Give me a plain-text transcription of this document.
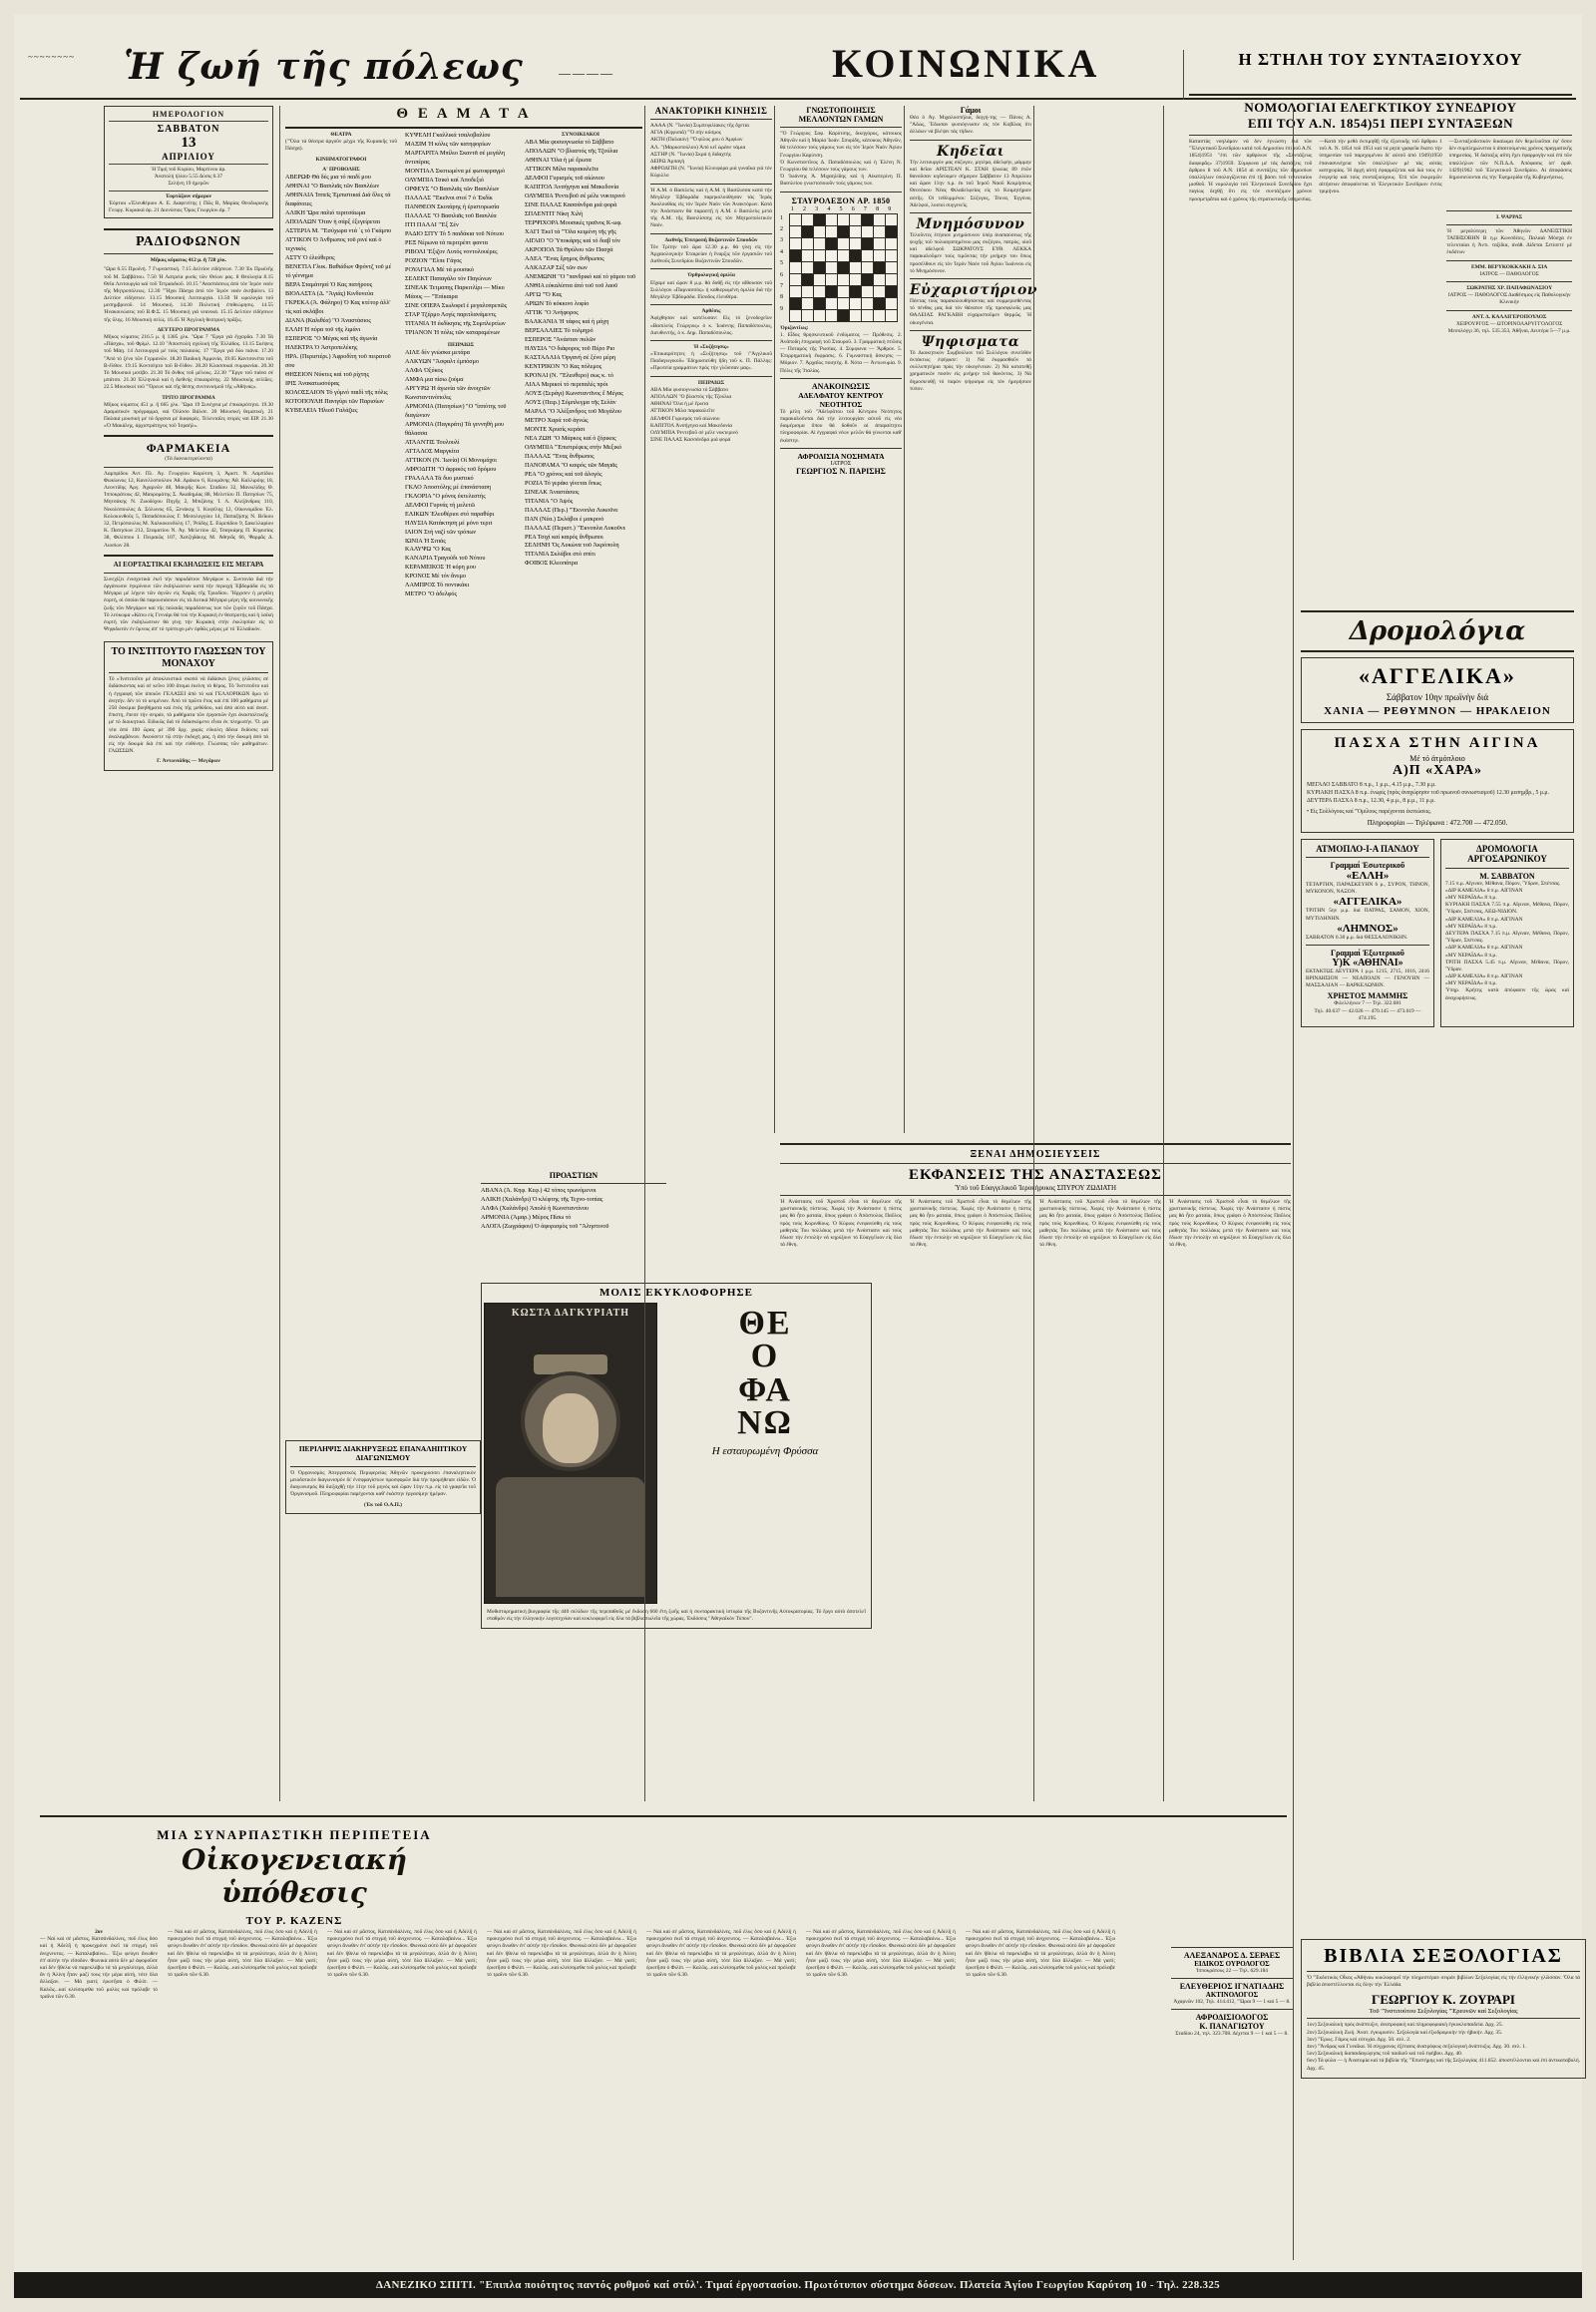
~~~~~~~~ Ἡ ζωή τῆς πόλεως	————	ΚΟΙΝΩΝΙΚΑ	Η ΣΤΗΛΗ ΤΟΥ ΣΥΝΤΑΞΙΟΥΧΟΥ
ΗΜΕΡΟΛΟΓΙΟΝ
ΣΑΒΒΑΤΟΝ
13
ΑΠΡΙΛΙΟΥ
Ἡ Τιμή τοῦ Κυρίου, Μαρτίνου ἀρ.
Ἀνατολή ἡλίου 5.55 Δύσις 6.37
Σελήνη 19 ἡμερῶν
Ἑορτάζουν σήμερον
Ἑόρτιοι «Ἐλευθέριου Α. Ε. Διαφενίτης ( Πῶς Β, Μαρίας Θεοδωρικής Γεωργ. Κυριακά ἀρ. 21 Διονύσιος Ὅρος Γεωργίου ἀρ. 7
ΡΑΔΙΟΦΩΝΟΝ
Μῆκος κύματος 412 μ. ἢ 728 χλκ.
"Ωρα 6.55 Πρωϊνή. 7 Γυμναστική. 7.15 Δελτίον εἰδήσεων. 7.30 Ἐκ Πρωϊνῆς τοῦ Μ. Σαββάτου. 7.50 Ἡ Λατρεία ρυσίς τῶν Θείων ρας. 8 Θεολογία 8.15 Θεῖα Λειτουργία καί τοῦ Τετραοδιοῦ. 10.15 "Αναστάσεως ἀπό τόν Ἱερόν ναόν τῆς Μητροπόλεως. 12.30 "Ἤχοι Πάσχα ἀπό τόν Ἱερόν ναόν ἀνεβαίνει. 13 Δελτίον εἰδήσεων. 13.15 Μουσική Λειτουργία. 13.50 Ἡ ωρολογία τοῦ μεσημβρινοῦ. 14 Μουσική. 14.30 Πολυτική ἐπιθεώρησις. 14.55 Ἠνακοινώσεις τοῦ Β.Φ.Σ. 15 Μουσική γιά νεανικά. 15.15 Δελτίον εἰδήσεων τῆς ὕλης. 16 Μουσική σελίς. 16.45 Ἡ Ἀγγλικὴ θεατρική πρᾶξις.
ΔΕΥΤΕΡΟ ΠΡΟΓΡΑΜΜΑ
Μῆκος κύματος 216.5 μ. ἢ 1385 χλκ. "Ωρα 7 "Εργα γιά ἔγχορδα. 7.30 Τά «Πάσχα», τοῦ Φρίμλ. 12.10 "Αποστολή σχολική τῆς Ἑλλάδος. 13.15 Σκέψεις τοῦ Μάῃ. 14 Λειτουργιά μέ τούς παλαιούς. 17 "Ἐργα γιά δύο πιάνα. 17.20 "Ἀπό τό ξένο τῶν Γερμανῶν. 18.20 Παιδικὴ Ἀρμονία, 19.05 Καντσονέτα τοῦ Β-ἔλθον. 19.15 Κοντσέρτο τοῦ Β-ἔλθον. 20.20 Κλασσικαί συμφωνίαι. 20.30 Τό Μουσικό μοτίβο. 21.30 Τό ἄνθος τοῦ μέλους. 22.30 "Ἔργο τοῦ πιάνα σέ μπάτσο. 21.30 Ἑλληνικά καί ἡ διεθνής ἐπικαιρότης. 22 Μουσικὴς σελίδες. 22.5 Μουσικοί τοῦ "Ὅρεων καί τῆς θέσης συντονισμοῦ τῆς «Ἀθήνας».
ΤΡΙΤΟ ΠΡΟΓΡΑΜΜΑ
Μῆκος κύματος 451 μ. ἢ 665 χλκ. "Ωρα 19 Συνέχεια μέ ἐπικαιρότητα. 19.30 Δραματικόν πρόγραμμα, ναί Ὁλίσσο Βάλσε. 20 Μουσικὴ θεματική. 21 Παλαιά μουσική μέ τά ὄργανα μέ διαφορές. Τελευταῖες σειρές ναί ΕΙΡ. 21.30 «Ὁ Μακάλης, ἀρχιστράτηγος τοῦ Ἰσραήλ».
ΦΑΡΜΑΚΕΙΑ
(Τά διανυκτερεύοντα)
Λαμπρίδου Ἀντ. Πλ. Ἁγ. Γεωργίου Καρύτση 3, Ἀριστ. Ν. Λαμπίδου Φωκίωνος 12, Κανελλοπούλου Ἀθ. Δράκου 6, Κουμάνης Ἀθ. Καλλιρόης 18, Λεοντίδης Ἀργ. Ἀχαρνῶν 48, Μακρῆς Κων. Σταδίου 32, Μανωλίδης Θ. Ἱπποκράτους 42, Μαυρομάτης Σ. Ἀκαδημίας 88, Μελετίου Π. Πατησίων 75, Μητσάκης Ν. Ζωοδόχου Πηγῆς 2, Μπιζάνης Ἰ. Λ. Ἀλεξάνδρας 110, Νικολόπουλος Δ. Σόλωνος 65, Ξενάκης Ἰ. Κυψέλης 12, Οἰκονομίδου Ἑλ. Κολοκυνθοῦς 5, Παπαδόπουλος Γ. Μεσολογγίου 14, Παπαζήσης Ν. Βεΐκου 32, Πετρόπουλος Μ. Χαλκοκονδύλη 17, Ῥοϊδης Σ. Εὐριπίδου 9, Σακελλαρίου Κ. Πατησίων 212, Σταματίου Ν. Ἀγ. Μελετίου 42, Τσαγκάρης Π. Κηφισίας 38, Φιλίππου Ι. Πειραιῶς 107, Χατζηδάκης Μ. Ἀθηνᾶς 66, Ψαρρᾶς Δ. Λιοσίων 28.
ΑΙ ΕΟΡΤΑΣΤΙΚΑΙ ΕΚΔΗΛΩΣΕΙΣ ΕΙΣ ΜΕΓΑΡΑ
Συνεχίζει ἐνισχυτικὰ ἐκεῖ τήν παρυδάτιον Μεγάρων κ. Συντονία διά τήν ὀργάνωσιν ἐγκρίνουν τῶν ἐκδηλώσεων κατά τήν περιοχή Ἑβδομάδα εἰς τά Μέγαρα μέ λήγειν τῶν ἀγνῶν εἰς Χαρᾶς τῆς Τριοδίου. Ἤρχισεν ἡ μεγάλη ἑορτή, οἱ ὁποίαι θά παρουσιάσουν εἰς τά Δυτικά Μέγαρα μέρη τῆς κοινωνικῆς ζωῆς τῶν Μεγάρων καί τῆς παλαιᾶς παραδόσεως των τῶν ζυγῶν τοῦ Πάσχα. Τό λεύκωμα «Κάτω εἰς Γεννάρι θά τού τήν Κυριακὴ ἐν θεατροτής καί ἡ λαϊκή ἑορτὴ τῶν ἐκδηλώσεων θά γίνῃ τήν Κυριακὴ στήν ἐκκλησίαν εἰς τό Ψηφιδωτόν ἐν ὕμνοις ἀπ' τό τρίπτυχο μέν ὀρθῶς μέρος μέ τό Ἑλλαδικόν.
ΤΟ ΙΝΣΤΙΤΟΥΤΟ ΓΛΩΣΣΩΝ ΤΟΥ ΜΟΝΑΧΟΥ
Τό «Ἰνστιτοῦτο μέ ἀποκλειστικό σκοπό νά διδάσκει ξένες γλῶσσες σέ διδάσκοντας καί σέ κεῖνο 100 ἄτομα ἐκείνη τό θέρος. Τό Ἰνστιτοῦτο καί ἡ ἐγγραφή τῶν ἀποιῶν ΓΕΛΑΣΕΙ ἀπό τό καί ΓΕΛΛΟΡΙΚΩΝ ὄμω τό ἀνητὴν. δέν τό τό κειμένων. Ἀπό τό πρῶτο ἔτος καί ἐπί 100 μαθήματα μέ 250 δοκίμια βοηθήματα καί ἑνός τῆς μεθόδου, καί ἀπό αὐτό καί ἀναπ. ἔπιστη, ἔπεσε τήν σειράν, τά μαθήματα τῶν ἐργασιῶν ἔχει ἀνασταλτικῆς μέ τό διοικητικό. Εἰδικῶς διά τό διδασκόμενο εἶναι ἐκ πληρωτήν. Ὅ. μα νέα ἀπό 100 ὥρας μέ 390 δρχ. χωρίς εὔκολη ἄδεια ἔκδοσις καί ἀναλαμβάνων. Ἀκούσετε τῷ στήν ἐκδοχὴ ρας, ἡ ἀπό τήν δοκιμή ἀπό τά εἰς τήν δοκιμὰ διὰ ἐπί καί τήν εὐθύνην. Γλώσσας τῶν μαθημάτων. ΓΛΩΣΣΩΝ.
Γ. Ἀντωνιάδης — Μεγάρων
Θ Ε Α Μ Α Τ Α
ΘΕΑΤΡΑ
("Ὅλα τά θέατρα ἀργοῦν μέχρι τῆς Κυριακῆς τοῦ Πάσχα).
ΚΙΝΗΜΑΤΟΓΡΑΦΟΙ
Α' ΠΡΟΒΟΛΗΣ
ΑΒΕΡΩΦ Θά δές μια τό παιδί μου
ΑΘΗΝΑΙ "Ο Βασιλιᾶς τῶν Βασιλέων
ΑΘΗΝΑΙΑ Ἱππεῖς Ἐμπιστικαί Διά ὅλες τά διαφάνειες
ΑΛΙΚΗ Ὥρα παλιό τεριτσάωμα
ΑΠΟΛΛΩΝ Ὅταν ἡ σάρξ ἐξεγείρεται
ΑΣΤΕΡΙΑ Μ. "Ἐσύχωρα ντά ᾽ς τό Γκάμπο
ΑΤΤΙΚΟΝ Ὁ Ἀνθρωπος τοῦ ρινέ καί ὁ τεχνικός
ΑΣΤΥ Ὁ ἐλεύθερος
ΒΕΝΕΤΙΑ Γλυκ. Βαθιάδων Φρόντζ τοῦ μέ τό γέννημα
ΒΕΡΑ Σταμάτησέ Ὁ Κας πατήρους
ΒΙΟΛΑΣΤΑ (Δ. "Ἁγιάς) Κινδυνεύα
ΓΚΡΕΚΑ (Ἀ. Φάληρο) Ὁ Κας κτέτορ ἀλλ' τίς καί σκλάβοι
ΔΙΑΝΑ (Καλιθέα) "Ο Ἀναστάσιος
ΕΛΛΗ Ἡ πύρα τοῦ τῆς λιμάνι
ΕΣΠΕΡΟΣ "Ο Μέγας καί τῆς ἀγωνία
ΗΛΕΚΤΡΑ Ὁ Ἀστροπελέκης
ΗΡΑ. (Περιστέρι.) Ἀφροδίτη τοῦ πειρατοῦ σου
ΘΗΣΕΙΟΝ Νύκτες καί τοῦ ρίχτης
ΙΡΙΣ Ἀνακατωσούρας
ΚΟΛΟΣΣΑΙΟΝ Τό γύμνό παιδί τῆς πόλις
ΚΟΤΟΠΟΥΛΗ Πανιγύρι τῶν Παρισίων
ΚΥΒΕΛΕΙΑ Ἡλιοῦ Γαλάζιες
ΚΥΨΕΛΗ Γκαλλικά τσαλοβαλίου
ΜΑΞΙΜ Ἡ κόλις τῶν κατηφορίων
ΜΑΡΓΑΡΙΤΑ Μπίλιο Σκαντᾶ σέ μεγάλη ἀντιπέρας
ΜΟΝΤΙΑΛ Σκοτωμένα μέ φωτοφραγμό
ΟΛΥΜΠΙΑ Τσικό καί Ἀποδεξιό
ΟΡΦΕΥΣ "Ο Βασιλιᾶς τῶν Βασιλέων
ΠΑΛΛΑΣ "Ἐκεῖνοι στοί 7 ὁ Ἐκδίκ
ΠΑΝΘΕΟΝ Σκοτάρης ἡ ἐριστορωσία
ΠΑΛΛΑΣ "Ο Βασιλιᾶς τοῦ Βασιλέα
ΠΤΙ ΠΑΛΑΙ "Ἐξ Σέν
ΡΑΔΙΟ ΣΙΤΥ Τό 5 παιδάκια τοῦ Νότιου
ΡΕΞ Νέρωνα τά περιτρέπτ φαντα
ΡΙΒΟΛΙ Ἔξιζον Λυτός νοντολουέρες
ΡΟΖΙΟΝ "Ἐλπε Γάγος
ΡΟΥΑΓΙΑΛ Μέ τά μουσικό
ΣΕΛΕΚΤ Παπαγάλο τόν Παγώνων
ΣΙΝΕΑΚ Τετμαπης Παρκιτλίρι — Μίκυ Μάους — "Ἐπίκαιρα
ΣΙΝΕ ΟΠΕΡΑ Σιωλοφεῖ ἐ μεγαλοπρεπῶς
ΣΤΑΡ Τζέρμο Λογίς παριτλανάμεντς
ΤΙΤΑΝΙΑ Ἡ ἐκδίκησις τῆς Συμπλερτίων
ΤΡΙΑΝΟΝ Ἡ πόλις τῶν καταραμένων
ΠΕΙΡΑΙΩΣ
ΑΙΛΕ δέν γνώσκα μετάρα
ΑΛΚΥΩΝ "Ἀσφαλτ ἐμπόσμο
ΑΛΦΑ Ὁξύκος
ΑΜΦΑ μια πίσω ζούμα
ΑΡΓΥΡΩ Ἡ ἀγωνία τῶν ἀνοιχτῶν Κωνσταντινόπολις
ΑΡΜΟΝΙΑ (Πατησίων) "Ο "ἱππότης τοῦ διαγώνιον
ΑΡΜΟΝΙΑ (Παγκράτι) Τά γεννηθή μου θάλασσα
ΑΤΛΑΝΤΙΣ Τουλουλί
ΑΤΤΑΛΟΣ Μαργκίτα
ΑΤΤΙΚΟΝ (Ν. Ἰωνία) Οἱ Μονομάχοι
ΑΦΡΟΔΙΤΗ "Ο ἀφρικός τοῦ δρόμου
ΓΡΑΛΑΛΑ Τά δυο μυστικό
ΓΚΛΟ Ἀποστόλης μέ ἐπανάσταση
ΓΚΛΟΡΙΑ "Ο μόνος ἐκτελεστής
ΔΕΛΦΟΙ Γυρνάς τή μελετῶ
ΕΛΙΚΩΝ Ἐλευθέριοι στό παραθύρι
ΗΛΥΣΙΑ Κατάκτηση μέ μόνο τεριτ
ΙΛΙΟΝ Στή ναζί τῶν τρόπων
ΙΩΝΙΑ Ἡ Σιτιάς
ΚΑΛΥΨΩ "Ο Κας
ΚΑΝΑΡΙΑ Τραγούδι τοῦ Νότου
ΚΕΡΑΜΕΙΚΟΣ Ἡ κόρη μου
ΚΡΟΝΟΣ Μέ τόν ἄνεμο
ΛΑΜΠΡΟΣ Τό ποντικάκι
ΜΕΤΡΟ "Ο ἀδελφός
ΣΥΝΟΙΚΙΑΚΟΙ
ΑΒΑ Μία φυσιογνωσία τό Σάββατο
ΑΠΟΛΛΩΝ "Ο βλαστός τῆς Τζούλια
ΑΘΗΝΑΙ Ὅλα ἡ μέ ἔρωτα
ΑΤΤΙΚΟΝ Μίλα παρακαλεῖτε
ΔΕΛΦΟΙ Γυρισμός τοῦ αἰώνιου
ΚΑΠΙΤΟΛ Ἀνσήγηνα καί Μακεδονία
ΟΛΥΜΠΙΑ Ῥεντεβοῦ σέ μέλε νυκτερινό
ΣΙΝΕ ΠΑΛΑΣ Κασσάνδρα μιά φορά
ΣΠΛΕΝΤΙΤ Νίκη Χιλή
ΤΕΡΨΙΧΟΡΑ Μουσικές τραῖνος Κ-ωφ.
ΧΑΓΙ Ἐκεῖ τά "Ὅλα κειμένη τῆς γῆς
ΑΙΓΑΙΟ "Ο Ὑποκάρης καί τό διαβ τόν
ΑΚΡΟΠΟΛ Τά Θρύλου τῶν Πασχά
ΑΛΕΑ "Ἐνας ἔρημος ἄνθρωπος
ΑΛΚΑΖΑΡ Σέξ τῶν σων
ΑΝΕΜΩΝΗ "Ο "πανδρικό καί τό γάμου τοῦ
ΑΝΘΙΑ εὐκαλύπτα ἀπό τοῦ τοῦ λαοῦ
ΑΡΓΩ "Ὅ Κας
ΑΡΙΩΝ Τό κόκκινο λοφίο
ΑΤΤΙΚ "Ο Ἀνήφορος
ΒΑΛΚΑΝΙΑ Ἡ τάφος καί ἡ μάχη
ΒΕΡΣΑΛΛΙΕΣ Τό τολμηρό
ΕΣΠΕΡΟΣ "Ἀνάσταν πυλῶν
ΗΛΥΣΙΑ "Ο διάφορος τοῦ Πέρο Ριο
ΚΑΣΤΑΛΛΙΑ Ὀργανή σέ ξένο μέρη
ΚΕΝΤΡΙΚΟΝ "Ο Κας πόλεμος
ΚΡΟΝΑΙ (Ν. "Ἐλευθερο) σως κ. τό
ΛΙΛΑ Μερικοί τό περιπαλές πρόι
ΛΟΥΞ (Σεράγι) Κωνσταντῖνος ἔ Μέγας
ΛΟΥΣ (Πειρ.) Σύμπλεγμα τῆς Σελὰν
ΜΑΡΑΛ "Ο Ἀλέξανδρος τοῦ Μεγάλου
ΜΕΤΡΟ Χαρά τοῦ ἁγνώς
ΜΟΝΤΕ Χρυσίς κεράσι
ΝΕΑ ΖΩΗ "Ο Μάρκος καί ὁ ζόρικος
ΟΛΥΜΠΙΑ "Ἐπιστρέφεις στήν Μεξικό
ΠΑΛΛΑΣ "Ἐνας ἄνθρωπος
ΠΑΝΟΡΑΜΑ "Ο καιρός τῶν Μαγιᾶς
ΡΕΑ "Ο χρόνος καί τοῦ ἀλογός
ΡΟΖΙΑ Τό γεράκι γίνεται ὅπως
ΣΙΝΕΑΚ Ἀναστάσιος
ΤΙΤΑΝΙΑ "Ο Ἁψός
ΠΑΛΛΑΣ (Περ.) "Ἐκνοπλα Λυκοῦνε
ΠΑΝ (Νέα.) Σκλάβοι ἐ μακρινό
ΠΑΛΛΑΣ (Περιστ.) "Ἐκνοπλα Λυκοῦνε
ΡΕΑ Τσιχί καί καιρός ἄνθρωποι
ΣΕΛΗΝΗ Ὅς Λυκώνα τοῦ Ἀκρόπολη
ΤΙΤΑΝΙΑ Σκλάβοι στό σπίτι
ΦΟΙΒΟΣ Κλεοπάτρα
ΜΟΛΙΣ ΕΚΥΚΛΟΦΟΡΗΣΕ
ΚΩΣΤΑ ΔΑΓΚΥΡΙΑΤΗ	ΘΕ
Ο
ΦΑ
ΝΩ
Η εσταυρωμένη Φρύσσα
Μυθιστορηματικὴ βιογραφία τῆς 440 σελίδων τῆς περιπαθοῦς μέ ἔκδοση 660 ἔτη ζωῆς καί ἡ συνταρακτικὴ ἱστορία τῆς Βυζαντινῆς Αὐτοκρατορίας. Τό ἔργο αὐτὸ ἀποτελεῖ σταθμὸν εἰς τήν ἑλληνικὴν λογοτεχνίαν καί κυκλοφορεῖ εἰς ὅλα τά βιβλιοπωλεῖα τῆς χώρας. Ἐκδόσεις "Ἀθηναϊκὸν Τύπου".
ΑΝΑΚΤΟΡΙΚΗ ΚΙΝΗΣΙΣ
ΑΑΑΑ (Ν. "Ἰωνία) Συμπεφιλίακες τῆς ὄχεται
ΑΓΙΑ (Κηφισιᾶ) "Ὅ σήν κόσμος
ΑΚΤΗ (Παλαιόν) "Ὅ φίλος μου ὁ Ἀμφίων
ΑΛ. "(Μαρκοπούλου) Ἀπό κεῖ ὡράνε νάμια
ΑΣΤΗΡ (Ν. "Ἰωνία) Σκρά ἡ διδαχτής
ΔΕΙΡΩ Ἁρπαγὴ
ΑΦΡΟΔΙΤΗ (Ν. "Ἰωνία) Κλινιφόρα μιά γυναῖκα γιά τόν Κύριλλο
Ἡ Α.Μ. ὁ Βασιλεὺς καί ἡ Α.Μ. ἡ Βασίλισσα κατά τήν Μεγάλην Ἑβδομάδα παρηκολούθησαν τάς Ἱεράς Ἀκολουθίας εἰς τόν Ἱερόν Ναόν τῶν Ἀνακτόρων. Κατά τήν Ἀνάστασιν θά παραστῇ ἡ Α.Μ. ὁ Βασιλεὺς μετά τῆς Α.Μ. τῆς Βασιλίσσης εἰς τόν Μητροπολιτικὸν Ναόν.
Διεθνής Ἐπιτροπή Βυζαντινῶν Σπουδῶν
Τόν Τρίτην τοῦ ὥρα 12.30 μ.μ. θά γίνῃ εἰς τήν Ἀρχαιολογικὴν Ἑταιρείαν ἡ ἔναρξις τῶν ἐργασιῶν τοῦ Διεθνοῦς Συνεδρίου Βυζαντινῶν Σπουδῶν.
Ὀρθρολογική ὁμιλία
Εἴχαμε καί ὥραν 8 μ.μ. θά δοθῇ εἰς τήν αἴθουσαν τοῦ Συλλόγου «Παρνασσὸς» ἡ καθιερωμένη ὁμιλία διά τήν Μεγάλην Ἑβδομάδα. Εἴσοδος ἐλευθέρα.
Ἀρθέσις
Ἀφίχθησαν καί κατέλυσαν: Εἰς τό ξενοδοχεῖον «Βασιλεὺς Γεώργιος» ὁ κ. Ἰωάννης Παπαδόπουλος, Διευθυντής, ὁ κ. Δημ. Παπαδόπουλος.
Ἡ «Συζήτησις»
«Ἐπικαιρότητες ἡ «Συζήτησις» τοῦ \"Ἀγγλικοῦ Παιδαγωγικοῦ» Ἐδημοσιεύθη ἤδη τοῦ κ. Π. Πάλλης: «Πρωτεία γραμμάτων πρός τήν γλῶσσαν μας».
ΠΕΙΡΑΙΩΣ
ΑΒΑ Μία φυσιογνωσία τό Σάββατο
ΑΠΟΛΛΩΝ "Ο βλαστός τῆς Τζούλια
ΑΘΗΝΑΙ Ὅλα ἡ μέ ἔρωτα
ΑΤΤΙΚΟΝ Μίλα παρακαλεῖτε
ΔΕΛΦΟΙ Γυρισμός τοῦ αἰώνιου
ΚΑΠΙΤΟΛ Ἀνσήγηνα καί Μακεδονία
ΟΛΥΜΠΙΑ Ῥεντεβοῦ σέ μέλε νυκτερινό
ΣΙΝΕ ΠΑΛΑΣ Κασσάνδρα μιά φορά
ΓΝΩΣΤΟΠΟΙΗΣΙΣ
ΜΕΛΛΟΝΤΩΝ ΓΑΜΩΝ
"Ὁ Γεώργιος Σοφ. Καρύτσης, δικηγόρος, κάτοικος Ἀθηνῶν καί ἡ Μαρία Ἰωάν. Σπυρίδη, κάτοικος Ἀθηνῶν, θά τελέσουν τούς γάμους των εἰς τόν Ἱερόν Ναόν Ἁγίου Γεωργίου Καρύτση.
Ὁ Κωνσταντῖνος Δ. Παπαδόπουλος καί ἡ Ἑλένη Ν. Γεωργίου θά τελέσουν τούς γάμους των.
Ὁ Ἰωάννης Ἀ. Μιχαηλίδης καί ἡ Αἰκατερίνη Π. Βασιλείου γνωστοποιοῦν τούς γάμους των.
ΣΤΑΥΡΟΛΕΞΟΝ ΑΡ. 1850
1	2	3	4	5	6	7	8	9
1
2
3
4
5
6
7
8
9

Ὁριζοντίως:
1. Εἶδος θρησκευτικοῦ ἐνδύματος — Πρόθεσις. 2. Ἀνάποδη ἐπιγραφὴ τοῦ Σταυροῦ. 3. Γραμματικὴ πτῶσις — Ποταμὸς τῆς Ῥωσίας. 4. Σύμφωνα — Ἄρθρον. 5. Ἐπιρρηματικὴ ἔκφρασις. 6. Γυμναστικὴ ἄσκησις — Μόριον. 7. Ἀρχαῖος ποιητής. 8. Νότα — Ἀντωνυμία. 9. Πόλις τῆς Ἰταλίας.
ΑΝΑΚΟΙΝΩΣΙΣ
ΑΔΕΛΦΑΤΟΥ ΚΕΝΤΡΟΥ ΝΕΟΤΗΤΟΣ
Τό μέλη τοῦ "Ἀδελφάτου τοῦ Κέντρου Νεότητος παρακαλοῦνται διά τήν λειτουργίαν αὐτοῦ εἰς νέα διαμέρισμα ὅπου θά δοθοῦν αἱ ἀπαραίτητοι πληροφορίαι. Αἱ ἐγγραφαὶ νέων μελῶν θά γίνωνται καθ' ἑκάστην.
ΑΦΡΟΔΙΣΙΑ ΝΟΣΗΜΑΤΑ
ΙΑΤΡΟΣ
ΓΕΩΡΓΙΟΣ Ν. ΠΑΡΙΣΗΣ
Γάμοι
Θέα ὁ Ἁγ. Μιχαλοσπήλια, διηγή-της — Πάνος Α. "Ἀδώς, Ἔδωσαν φυσιόγνωσιν εἰς τόν Κοβίλας ὅτι ἀλλάων νά βλέψει τάς τήδων.
Κηδεῖαι
Τήν λειτουργὸν μας σύζυγον, μητέρα, ἀδελφήν, μάμμην καί θεῖαν ΑΡΙΣΤΕΑΝ Κ. ΣΤΑΗ ἡλικίας 89 ἐτῶν θανοῦσαν κηδεύομεν σήμερον Σάββατον 13 Ἀπριλίου καί ὥραν 11ην π.μ. ἐκ τοῦ Ἱεροῦ Ναοῦ Κοιμήσεως Θεοτόκου Νέας Φιλαδελφείας εἰς τό Κοιμητήριον αὐτῆς. Οἱ τεθλιμμένοι: Σύζυγος, Τέκνα, Ἐγγόνα, Ἀδελφοὶ, λοιποὶ συγγενεῖς.
Μνημόσυνον
Τελοῦντες ἐτήσιον μνημόσυνον ὑπέρ ἀναπαύσεως τῆς ψυχῆς τοῦ πολυαγαπημένου μας συζύγου, πατρὸς, υἱοῦ καί ἀδελφοῦ ΣΩΚΡΑΤΟΥΣ ΕΥΘ. ΛΕΚΚΑ παρακαλοῦμεν τούς τιμῶντας τήν μνήμην του ὅπως προσέλθουν εἰς τόν Ἱερόν Ναὸν τοῦ Ἁγίου Ἰωάννου εἰς τό Μνημόσυνον.
Εὐχαριστήριον
Πάντας τούς παρακολουθήσαντας καί συμμερισθέντας τό πένθος μας διά τόν θάνατον τῆς προσφιλοῦς μας ΘΑΛΕΙΑΣ ΡΑΓΚΑΒΗ εὐχαριστοῦμεν θερμῶς. Ἡ οἰκογένεια.
Ψηφισματα
Τό Διοικητικὸν Συμβούλιον τοῦ Συλλόγου συνελθὸν ἐκτάκτως ἐψήφισε: 1) Νά ἐκφρασθοῦν τά συλλυπητήρια πρὸς τήν οἰκογένειαν. 2) Νά κατατεθῇ χρηματικὸν ποσὸν εἰς μνήμην τοῦ θανόντος. 3) Νά δημοσιευθῇ τό παρὸν ψήφισμα εἰς τόν ἡμερήσιον τύπον.
ΞΕΝΑΙ ΔΗΜΟΣΙΕΥΣΕΙΣ
ΕΚΦΑΝΣΕΙΣ ΤΗΣ ΑΝΑΣΤΑΣΕΩΣ
Ὑπὸ τοῦ Εὐαγγελικοῦ Ἱεροκήρυκος ΣΠΥΡΟΥ ΖΩΔΙΑΤΗ
Ἡ Ἀνάστασις τοῦ Χριστοῦ εἶναι τό θεμέλιον τῆς χριστιανικῆς πίστεως. Χωρὶς τήν Ἀνάστασιν ἡ πίστις μας θά ἦτο ματαία, ὅπως γράφει ὁ Ἀπόστολος Παῦλος πρὸς τούς Κορινθίους. Ὁ Κύριος ἐνεφανίσθη εἰς τούς μαθητάς Του πολλάκις μετὰ τήν Ἀνάστασιν καί τούς ἔδωσε τήν ἐντολὴν νά κηρύξουν τό Εὐαγγέλιον εἰς ὅλα τά ἔθνη.
Ἡ Ἀνάστασις τοῦ Χριστοῦ εἶναι τό θεμέλιον τῆς χριστιανικῆς πίστεως. Χωρὶς τήν Ἀνάστασιν ἡ πίστις μας θά ἦτο ματαία, ὅπως γράφει ὁ Ἀπόστολος Παῦλος πρὸς τούς Κορινθίους. Ὁ Κύριος ἐνεφανίσθη εἰς τούς μαθητάς Του πολλάκις μετὰ τήν Ἀνάστασιν καί τούς ἔδωσε τήν ἐντολὴν νά κηρύξουν τό Εὐαγγέλιον εἰς ὅλα τά ἔθνη.
Ἡ Ἀνάστασις τοῦ Χριστοῦ εἶναι τό θεμέλιον τῆς χριστιανικῆς πίστεως. Χωρὶς τήν Ἀνάστασιν ἡ πίστις μας θά ἦτο ματαία, ὅπως γράφει ὁ Ἀπόστολος Παῦλος πρὸς τούς Κορινθίους. Ὁ Κύριος ἐνεφανίσθη εἰς τούς μαθητάς Του πολλάκις μετὰ τήν Ἀνάστασιν καί τούς ἔδωσε τήν ἐντολὴν νά κηρύξουν τό Εὐαγγέλιον εἰς ὅλα τά ἔθνη.
Ἡ Ἀνάστασις τοῦ Χριστοῦ εἶναι τό θεμέλιον τῆς χριστιανικῆς πίστεως. Χωρὶς τήν Ἀνάστασιν ἡ πίστις μας θά ἦτο ματαία, ὅπως γράφει ὁ Ἀπόστολος Παῦλος πρὸς τούς Κορινθίους. Ὁ Κύριος ἐνεφανίσθη εἰς τούς μαθητάς Του πολλάκις μετὰ τήν Ἀνάστασιν καί τούς ἔδωσε τήν ἐντολὴν νά κηρύξουν τό Εὐαγγέλιον εἰς ὅλα τά ἔθνη.
ΝΟΜΟΛΟΓΙΑΙ ΕΛΕΓΚΤΙΚΟΥ ΣΥΝΕΔΡΙΟΥ
ΕΠΙ ΤΟΥ Α.Ν. 1854)51 ΠΕΡΙ ΣΥΝΤΑΞΕΩΝ
Καταστὰς νοηλάμον νά δεν ἐγνώστη διά τῶν "Ἐλεγκτικοῦ Συνεδρίου κατά τοῦ Δημοσίου ἐπὶ τοῦ Α.Ν. 1854)1951 "ἐπὶ τῶν ἀρθρίνων τῆς «Συντάξεως διαφορᾶς» 37)1959. Σύμφωνα μὲ τάς διατάξεις τοῦ ἄρθρου 8 τοῦ Α.Ν. 1854 αἱ συντάξεις τῶν δημοσίων ὑπαλλήλων ὑπολογίζονται ἐπὶ τῇ βάσει τοῦ τελευταίου μισθοῦ. Ἡ νομολογία τοῦ Ἐλεγκτικοῦ Συνεδρίου ἔχει παγίως δεχθῇ ὅτι εἰς τόν συντάξιμον χρόνον προσμετρᾶται καί ὁ χρόνος τῆς στρατιωτικῆς ὑπηρεσίας.
—Κατὰ τήν μεθὸ ἐκτιμηθῇ τῆς ἐξωτικῆς τοῦ ἄρθρου 1 τοῦ Α. Ν. 1854 τοῦ 1951 καί τά ρητὰ γραφεῖα ἕκατο τήν ὑπηρεσίαν τοῦ παρεχομένου δι' αὐτοῦ ἀπό 1949)1950 ἐπανασυνέχεια τῶν ὑπαλλήλων μὲ τάς αὐτὰς κατηγορίας. Ἡ ἀρχὴ αὐτὴ ἐφαρμόζεται καί διά τούς ἐν ἐνεργείᾳ καί τούς συνταξιούχους. Ἐπὶ τῶν ἐκκρεμῶν αἰτήσεων ἀποφαίνεται τό Ἐλεγκτικὸν Συνέδριον ἐντὸς τριμήνου.
—Συνταξιοδοτικὸν δικαίωμα δέν θεμελιοῦται ἐφ' ὅσον δέν συμπληρώνεται ὁ ἀπαιτούμενος χρόνος πραγματικῆς ὑπηρεσίας. Ἡ διάταξις αὕτη ἔχει ἐφαρμογὴν καί ἐπὶ τῶν ὑπαλλήλων τῶν Ν.Π.Δ.Δ. Ἀπόφασις ὑπ' ἀριθ. 1429)1962 τοῦ Ἐλεγκτικοῦ Συνεδρίου. Αἱ ἀποφάσεις δημοσιεύονται εἰς τήν Ἐφημερίδα τῆς Κυβερνήσεως.
Ι. ΨΑΡΡΑΣ
Ἡ μεγαλύτερη τῶν Ἀθηνῶν ΔΑΝΕΙΣΤΙΚΗ ΤΑΠΗΣΟΒΗΝ Β η.μ Κωνσδίτες, Παλαιά Μόσχα ἐν τελευταίαι ἡ Ἀντι. ταξίδια, ἀνάθ. Δίδεται Σετίσετέ μὲ ἐκδότων
ΕΜΜ. ΒΕΡΥΚΟΚΚΑΚΗ Δ. ΣΙΑ
ΙΑΤΡΟΣ — ΠΑΘΟΛΟΓΟΣ
ΣΩΚΡΑΤΗΣ ΧΡ. ΠΑΠΑΦΩΝΑΣΙΟΥ
ΙΑΤΡΟΣ — ΠΑΘΟΛΟΓΟΣ Διαθέσιμος εἰς Παθολογικὴν Κλινικὴν
ΑΝΤ. Δ. ΚΑΛΛΙΓΕΡΟΠΟΥΛΟΣ
ΧΕΙΡΟΥΡΓΟΣ — ΩΤΟΡΙΝΟΛΑΡΥΓΓΟΛΟΓΟΣ Μεσολόγγι 36, τηλ. 535.353, Ἀθῆναι, Δευτέρα 5—7 μ.μ.
Δρομολόγια
«ΑΓΓΕΛΙΚΑ»
Σάββατον 10ην πρωϊνὴν διά
ΧΑΝΙΑ — ΡΕΘΥΜΝΟΝ — ΗΡΑΚΛΕΙΟΝ
ΠΑΣΧΑ ΣΤΗΝ ΑΙΓΙΝΑ
Μέ τό ἀτμόπλοιο
Α)Π «ΧΑΡΑ»
ΜΕΓΑΛΟ ΣΑΒΒΑΤΟ 8 π.μ., 1 μ.μ., 4.15 μ.μ., 7.30 μ.μ.
ΚΥΡΙΑΚΗ ΠΑΣΧΑ 8 π.μ. ἐνωρίς (πρὸς ἀναχώρησιν τοῦ πρωινοῦ συνωστισμοῦ) 12.30 μεσημβρ., 5 μ.μ.
ΔΕΥΤΕΡΑ ΠΑΣΧΑ 8 π.μ., 12.30, 4 μ.μ., 8 μ.μ., 11 μ.μ.
• Εἰς Συλλόγους καί "Ὁμίλους παρέχονται ἐκπτώσεις.
Πληροφορίαι — Τηλέφωνα : 472.700 — 472.050.
ΑΤΜΟΠΛΟ-Ι-Α ΠΑΝΔΟΥ
Γραμμαί Ἐσωτερικοῦ
«ΕΛΛΗ»
ΤΕΤΑΡΤΗΝ, ΠΑΡΑΣΚΕΥΗΝ 6 μ., ΣΥΡΟΝ, ΤΗΝΟΝ, ΜΥΚΟΝΟΝ, ΝΑΞΟΝ.
«ΑΓΓΕΛΙΚΑ»
ΤΡΙΤΗΝ 5ην μ.μ. διά ΠΑΤΡΑΣ, ΣΑΜΟΝ, ΧΙΟΝ, ΜΥΤΙΛΗΝΗΝ.
«ΛΗΜΝΟΣ»
ΣΑΒΒΑΤΟΝ 6.30 μ.μ. διά ΘΕΣΣΑΛΟΝΙΚΗΝ.
Γραμμαί Ἐξωτερικοῦ
Υ)Κ «ΑΘΗΝΑΙ»
ΕΚΤΑΚΤΩΣ ΔΕΥΤΕΡΑ 1 μ.μ. 1215, 2715, 1016, 2416 ΒΡΙΝΔΗΣΙΟΝ — ΝΕΑΠΟΛΙΝ — ΓΕΝΟΥΗΝ — ΜΑΣΣΑΛΙΑΝ — ΒΑΡΚΕΛΩΝΗΝ.
ΧΡΗΣΤΟΣ ΜΑΜΜΗΣ
Φιλελλήνων 7 — Τηλ. 322.681
Τηλ. 40.637 — 42.026 — 470.145 — 473.019 — 474.195.
ΔΡΟΜΟΛΟΓΙΑ ΑΡΓΟΣΑΡΩΝΙΚΟΥ
Μ. ΣΑΒΒΑΤΟΝ
7.15 π.μ. Αἴγιναν, Μέθανα, Πόρον, Ὕδραν, Σπέτσας.
«ΔΙΡ ΚΑΜΕΛΙΑ» 8 π.μ. ΑΙΓΙΝΑΝ
«ΜΥ ΝΕΡΑΪΔΑ» 8 π.μ.
ΚΥΡΙΑΚΗ ΠΑΣΧΑ 7.55 π.μ. Αἴγιναν, Μέθανα, Πόρον, Ὕδραν, Σπέτσας, ΛΕΩ-ΝΙΔΙΟΝ.
«ΔΙΡ ΚΑΜΕΛΙΑ» 8 π.μ. ΑΙΓΙΝΑΝ
«ΜΥ ΝΕΡΑΪΔΑ» 8 π.μ.
ΔΕΥΤΕΡΑ ΠΑΣΧΑ 7.15 π.μ. Αἴγιναν, Μέθανα, Πόρον, Ὕδραν, Σπέτσας.
«ΔΙΡ ΚΑΜΕΛΙΑ» 8 π.μ. ΑΙΓΙΝΑΝ
«ΜΥ ΝΕΡΑΪΔΑ» 8 π.μ.
ΤΡΙΤΗ ΠΑΣΧΑ 5.45 π.μ. Αἴγιναν, Μέθανα, Πόρον, Ὕδραν.
«ΔΙΡ ΚΑΜΕΛΙΑ» 8 π.μ. ΑΙΓΙΝΑΝ
«ΜΥ ΝΕΡΑΪΔΑ» 8 π.μ.
Ὑπηρ. Κρήτης κατὰ ἀπόφασιν τῆς ὥρας καί ἀναχωρήσεως.
ΒΙΒΛΙΑ ΣΕΞΟΛΟΓΙΑΣ
Ὅ "Ἐκδοτικὸς Οἶκος «Ἀθήνα» κυκλοφορεῖ τήν πληρεστέραν σειράν βιβλίων Σεξολογίας εἰς τήν ἑλληνικὴν γλῶσσαν. Ὅλα τά βιβλία ἀποστέλλονται εἰς ὅλην τήν Ἑλλάδα.
ΓΕΩΡΓΙΟΥ Κ. ΖΟΥΡΑΡΙ
Τοῦ "Ἰνστιτούτου Σεξολογίας "Ἐρευνῶν καί Σεξολογίας
1ον) Σεξουαλικὴ πρὸς ἀνάπτυξιν, ἀνατροφικὴ καί πληροφοριακὴ ἐγκυκλοπαιδεία. Δρχ. 25.
2ον) Σεξουαλικὴ Ζωή. Ἀνατ. ἐγκυμοσύν. Σεξολογία καί ἐξωδρομικὴν τήν ἡβικήν. Δρχ. 35.
3ον) "Ἐρως. Γάμος καί εὐτυχία. Δρχ. 50. σελ. 2.
4ον) "Ἄνδρας καί Γυναῖκα. Ἡ σύγχρονος ἐξέτασις ἀνατρόφως σεξολογικὴ ἀνάπτυξις. Δρχ. 30. σελ. 1.
5ον) Σεξουαλικὴ διαπαιδαγώγησις τοῦ παιδιοῦ καί τοῦ ἐφήβου. Δρχ. 40.
6ον) Τά φύλα — ἡ Ἀνατομία καί τά βιβλία τῆς "Ἐπιστήμης καί τῆς Σεξολογίας 411.652. ἀποστέλλονται καί ἐπί ἀντικαταβολή. Δρχ. 45.
ΑΛΕΞΑΝΔΡΟΣ Δ. ΣΕΡΑΕΣ
ΕΙΔΙΚΟΣ ΟΥΡΟΛΟΓΟΣ
Ἱπποκράτους 22 — Τηλ. 629.184
ΕΛΕΥΘΕΡΙΟΣ ΙΓΝΑΤΙΑΔΗΣ
ΑΚΤΙΝΟΛΟΓΟΣ
Ἀχαρνῶν 102, Τηλ. 414.412, "Ὥραι 9 — 1 καί 5 — 8.
ΑΦΡΟΔΙΣΙΟΛΟΓΟΣ
Κ. ΠΑΝΑΓΙΩΤΟΥ
Σταδίου 24, τηλ. 323.708. Δέχεται 9 — 1 καί 5 — 8.
ΜΙΑ ΣΥΝΑΡΠΑΣΤΙΚΗ ΠΕΡΙΠΕΤΕΙΑ
Οἰκογενειακή ὑπόθεσις
ΤΟΥ Ρ. ΚΑΖΕΝΣ
2ον
— Ναί καί σέ μᾶστος, Κατσάνδαλίνες, ποῦ ἐλυς ὅσο καί ἡ Ἀδελῆ ἡ προκεχρόνο ἐκεῖ τά στιγμὴ τοῦ ἀνιχνευτος. — Καταλαβαίνω... Ἐξω φεύγει ἄνωθεν ἐπ' αὐτήν τήν εἴσοδον. Φωνικὰ αὐτὸ δέν μέ ἀφοροῦσε καί δέν ἤθελα νά παρεκλάβω τά τά μεγαλύτερο, ἀλλὰ ἂν ἡ Ἀλίνη ἦταν μαζί τους τήν μέρα αὐτὴ, τότε ὅλα ἄλλαξαν. — Μά γιατί; ἐρωτῆσα ὁ Φιλίπ. — Καλῶς...καί κλείσομεθα τοῦ μολὺς καί πρόλαβε τό τραῖνο τῶν 6.30.
— Ναί καί σέ μᾶστος, Κατσάνδαλίνες, ποῦ ἐλυς ὅσο καί ἡ Ἀδελῆ ἡ προκεχρόνο ἐκεῖ τά στιγμὴ τοῦ ἀνιχνευτος. — Καταλαβαίνω... Ἐξω φεύγει ἄνωθεν ἐπ' αὐτήν τήν εἴσοδον. Φωνικὰ αὐτὸ δέν μέ ἀφοροῦσε καί δέν ἤθελα νά παρεκλάβω τά τά μεγαλύτερο, ἀλλὰ ἂν ἡ Ἀλίνη ἦταν μαζί τους τήν μέρα αὐτὴ, τότε ὅλα ἄλλαξαν. — Μά γιατί; ἐρωτῆσα ὁ Φιλίπ. — Καλῶς...καί κλείσομεθα τοῦ μολὺς καί πρόλαβε τό τραῖνο τῶν 6.30.
— Ναί καί σέ μᾶστος, Κατσάνδαλίνες, ποῦ ἐλυς ὅσο καί ἡ Ἀδελῆ ἡ προκεχρόνο ἐκεῖ τά στιγμὴ τοῦ ἀνιχνευτος. — Καταλαβαίνω... Ἐξω φεύγει ἄνωθεν ἐπ' αὐτήν τήν εἴσοδον. Φωνικὰ αὐτὸ δέν μέ ἀφοροῦσε καί δέν ἤθελα νά παρεκλάβω τά τά μεγαλύτερο, ἀλλὰ ἂν ἡ Ἀλίνη ἦταν μαζί τους τήν μέρα αὐτὴ, τότε ὅλα ἄλλαξαν. — Μά γιατί; ἐρωτῆσα ὁ Φιλίπ. — Καλῶς...καί κλείσομεθα τοῦ μολὺς καί πρόλαβε τό τραῖνο τῶν 6.30.
— Ναί καί σέ μᾶστος, Κατσάνδαλίνες, ποῦ ἐλυς ὅσο καί ἡ Ἀδελῆ ἡ προκεχρόνο ἐκεῖ τά στιγμὴ τοῦ ἀνιχνευτος. — Καταλαβαίνω... Ἐξω φεύγει ἄνωθεν ἐπ' αὐτήν τήν εἴσοδον. Φωνικὰ αὐτὸ δέν μέ ἀφοροῦσε καί δέν ἤθελα νά παρεκλάβω τά τά μεγαλύτερο, ἀλλὰ ἂν ἡ Ἀλίνη ἦταν μαζί τους τήν μέρα αὐτὴ, τότε ὅλα ἄλλαξαν. — Μά γιατί; ἐρωτῆσα ὁ Φιλίπ. — Καλῶς...καί κλείσομεθα τοῦ μολὺς καί πρόλαβε τό τραῖνο τῶν 6.30.
— Ναί καί σέ μᾶστος, Κατσάνδαλίνες, ποῦ ἐλυς ὅσο καί ἡ Ἀδελῆ ἡ προκεχρόνο ἐκεῖ τά στιγμὴ τοῦ ἀνιχνευτος. — Καταλαβαίνω... Ἐξω φεύγει ἄνωθεν ἐπ' αὐτήν τήν εἴσοδον. Φωνικὰ αὐτὸ δέν μέ ἀφοροῦσε καί δέν ἤθελα νά παρεκλάβω τά τά μεγαλύτερο, ἀλλὰ ἂν ἡ Ἀλίνη ἦταν μαζί τους τήν μέρα αὐτὴ, τότε ὅλα ἄλλαξαν. — Μά γιατί; ἐρωτῆσα ὁ Φιλίπ. — Καλῶς...καί κλείσομεθα τοῦ μολὺς καί πρόλαβε τό τραῖνο τῶν 6.30.
— Ναί καί σέ μᾶστος, Κατσάνδαλίνες, ποῦ ἐλυς ὅσο καί ἡ Ἀδελῆ ἡ προκεχρόνο ἐκεῖ τά στιγμὴ τοῦ ἀνιχνευτος. — Καταλαβαίνω... Ἐξω φεύγει ἄνωθεν ἐπ' αὐτήν τήν εἴσοδον. Φωνικὰ αὐτὸ δέν μέ ἀφοροῦσε καί δέν ἤθελα νά παρεκλάβω τά τά μεγαλύτερο, ἀλλὰ ἂν ἡ Ἀλίνη ἦταν μαζί τους τήν μέρα αὐτὴ, τότε ὅλα ἄλλαξαν. — Μά γιατί; ἐρωτῆσα ὁ Φιλίπ. — Καλῶς...καί κλείσομεθα τοῦ μολὺς καί πρόλαβε τό τραῖνο τῶν 6.30.
— Ναί καί σέ μᾶστος, Κατσάνδαλίνες, ποῦ ἐλυς ὅσο καί ἡ Ἀδελῆ ἡ προκεχρόνο ἐκεῖ τά στιγμὴ τοῦ ἀνιχνευτος. — Καταλαβαίνω... Ἐξω φεύγει ἄνωθεν ἐπ' αὐτήν τήν εἴσοδον. Φωνικὰ αὐτὸ δέν μέ ἀφοροῦσε καί δέν ἤθελα νά παρεκλάβω τά τά μεγαλύτερο, ἀλλὰ ἂν ἡ Ἀλίνη ἦταν μαζί τους τήν μέρα αὐτὴ, τότε ὅλα ἄλλαξαν. — Μά γιατί; ἐρωτῆσα ὁ Φιλίπ. — Καλῶς...καί κλείσομεθα τοῦ μολὺς καί πρόλαβε τό τραῖνο τῶν 6.30.
ΠΕΡΙΛΗΨΙΣ ΔΙΑΚΗΡΥΞΕΩΣ ΕΠΑΝΑΛΗΠΤΙΚΟΥ ΔΙΑΓΩΝΙΣΜΟΥ
Ὁ Ὀργανισμὸς Ἀπεργατικὸς Περιφερείας Ἀθηνῶν προκηρύσσει ἐπαναληπτικὸν μειοδοτικὸν διαγωνισμὸν δι' ἐνσφραγίστων προσφορῶν διὰ τήν προμήθειαν εἰδῶν. Ὁ διαγωνισμὸς θά διεξαχθῇ τήν 11ην τοῦ μηνὸς καί ὥραν 11ην π.μ. εἰς τά γραφεῖα τοῦ Ὀργανισμοῦ. Πληροφορίαι παρέχονται καθ' ἑκάστην ἐργασίμην ἡμέραν.
(Ἐκ τοῦ Ο.Α.Π.)
ΠΡΟΑΣΤΙΩΝ
ΑΒΑΝΑ (Ἀ. Κηφ. Κεφ.) 42 τόπος τρωνόμενοι
ΑΛΙΚΗ (Χαλάνδρι) Ὁ κλέφτης τῆς Τεχνο-τοπίας
ΑΛΦΑ (Χαλάνδρι) Ἀπολύ ἡ Κωνσταντίνου
ΑΡΜΟΝΙΑ (Ἀμαρ.) Μέρος Πίσω τό
ΑΛΟΓΑ (Ζωγράφου) Ὁ ἀφορισμὸς τοῦ "Ἀληστινοῦ
ΔΑΝΕΖΙΚΟ ΣΠΙΤΙ. "Επιπλα ποιότητος παντός ρυθμού καί στύλ'. Τιμαί ἐργοστασίου. Πρωτότυπον σύστημα δόσεων. Πλατεία Ἁγίου Γεωργίου Καρύτση 10 - Τηλ. 228.325
